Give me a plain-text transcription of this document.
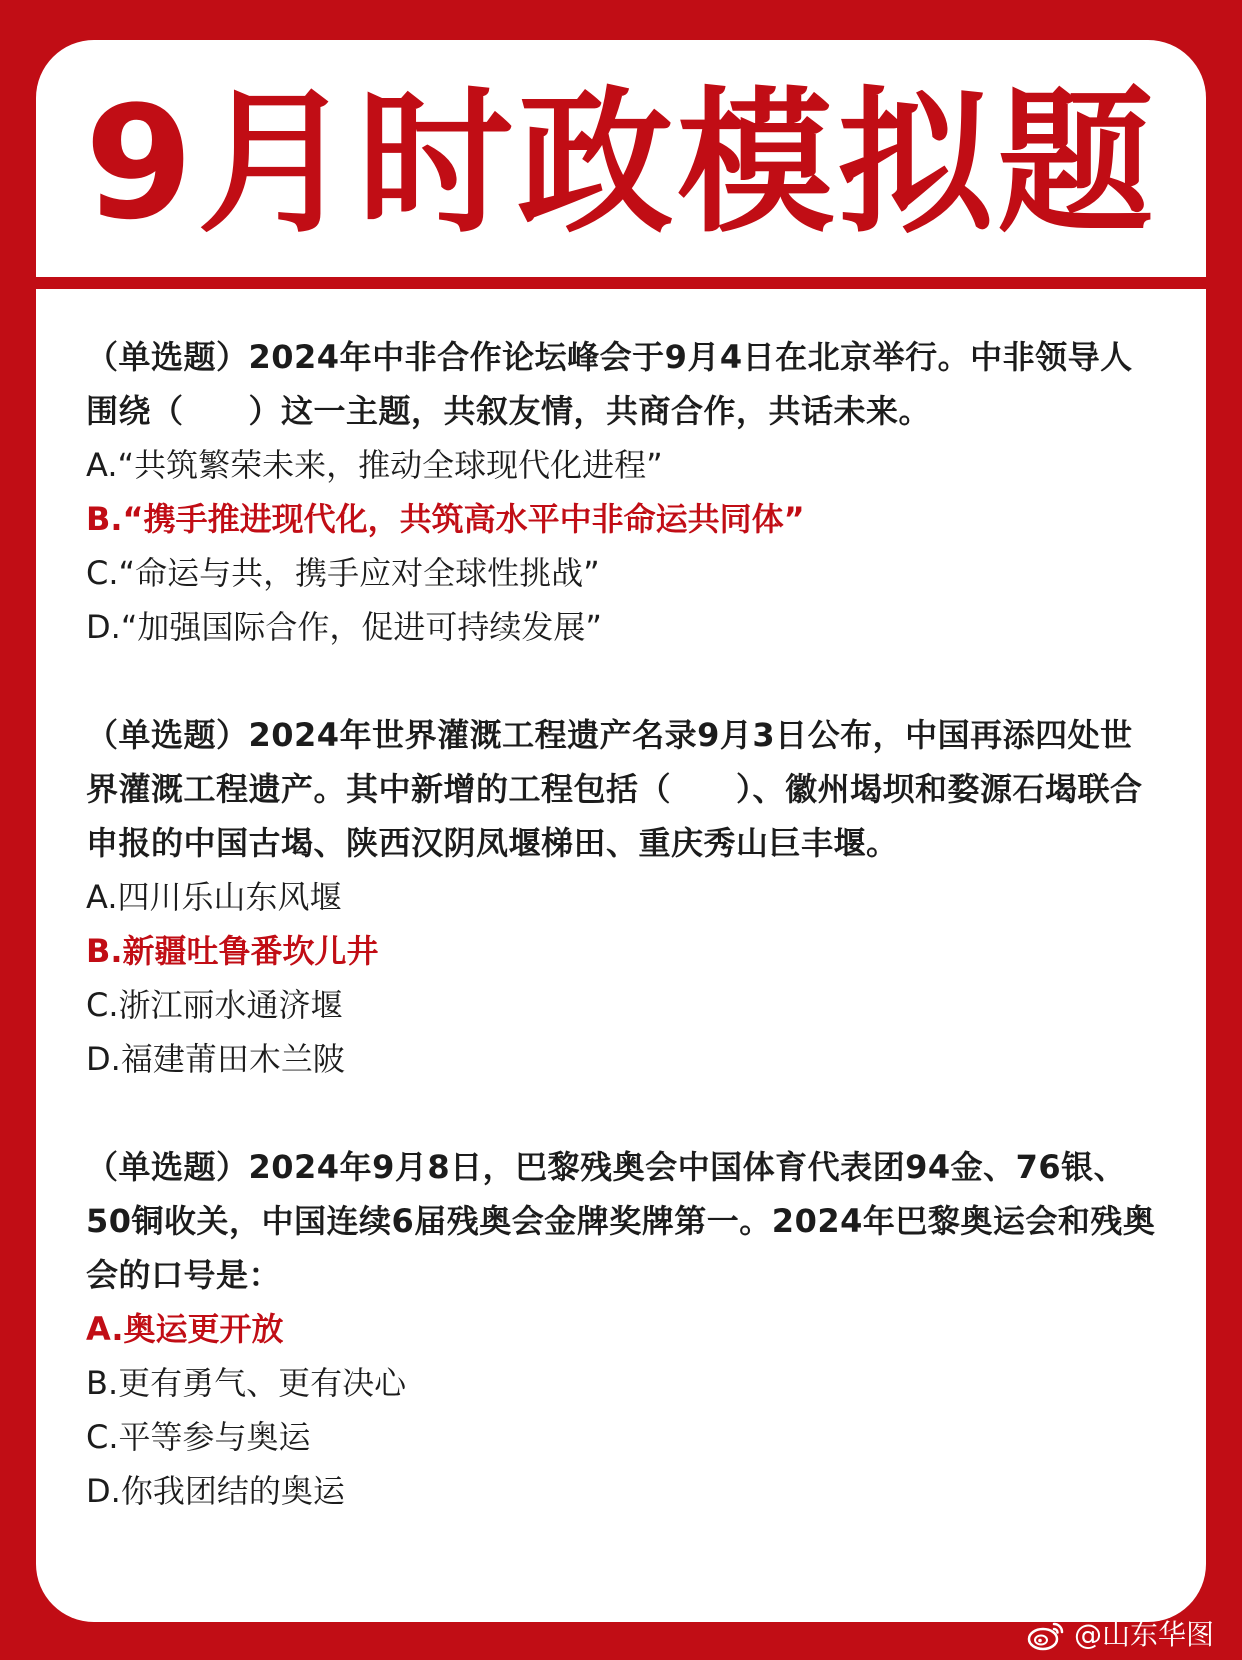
9月时政模拟题

（单选题）2024年中非合作论坛峰会于9月4日在北京举行。中非领导人围绕（　　）这一主题，共叙友情，共商合作，共话未来。

A.“共筑繁荣未来，推动全球现代化进程”

B.“携手推进现代化，共筑高水平中非命运共同体”

C.“命运与共，携手应对全球性挑战”

D.“加强国际合作，促进可持续发展”

（单选题）2024年世界灌溉工程遗产名录9月3日公布，中国再添四处世界灌溉工程遗产。其中新增的工程包括（　　）、徽州堨坝和婺源石堨联合申报的中国古堨、陕西汉阴凤堰梯田、重庆秀山巨丰堰。

A.四川乐山东风堰

B.新疆吐鲁番坎儿井

C.浙江丽水通济堰

D.福建莆田木兰陂

（单选题）2024年9月8日，巴黎残奥会中国体育代表团94金、76银、50铜收关，中国连续6届残奥会金牌奖牌第一。2024年巴黎奥运会和残奥会的口号是：

A.奥运更开放

B.更有勇气、更有决心

C.平等参与奥运

D.你我团结的奥运

@山东华图
